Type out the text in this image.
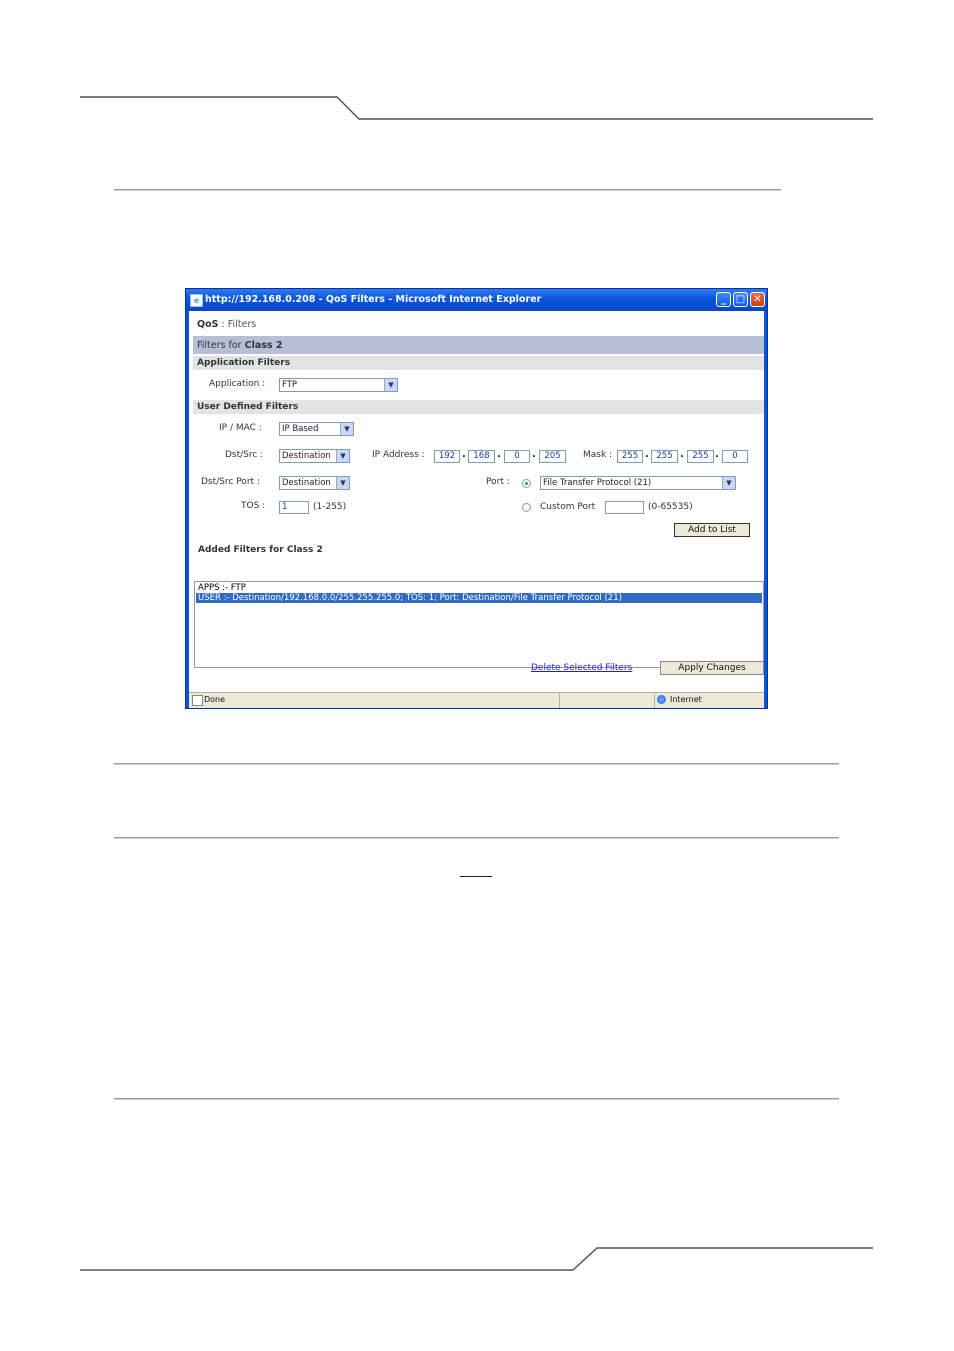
e http://192.168.0.208 - QoS Filters - Microsoft Internet Explorer	_ □ ✕
QoS : Filters
Filters for Class 2
Application Filters
Application :	FTP	▼
User Defined Filters
IP / MAC :	IP Based	▼
Dst/Src :	Destination	▼	IP Address :	192 . 168 .	0	.	205	Mask :	255 . 255 .	255 .	0
Dst/Src Port :	Destination	▼	Port :	File Transfer Protocol (21)	▼
TOS :	1	(1-255)	Custom Port	(0-65535)
Add to List
Added Filters for Class 2
APPS :- FTP
USER :- Destination/192.168.0.0/255.255.255.0; TOS: 1; Port: Destination/File Transfer Protocol (21)
Delete Selected Filters	Apply Changes
Done	Internet
